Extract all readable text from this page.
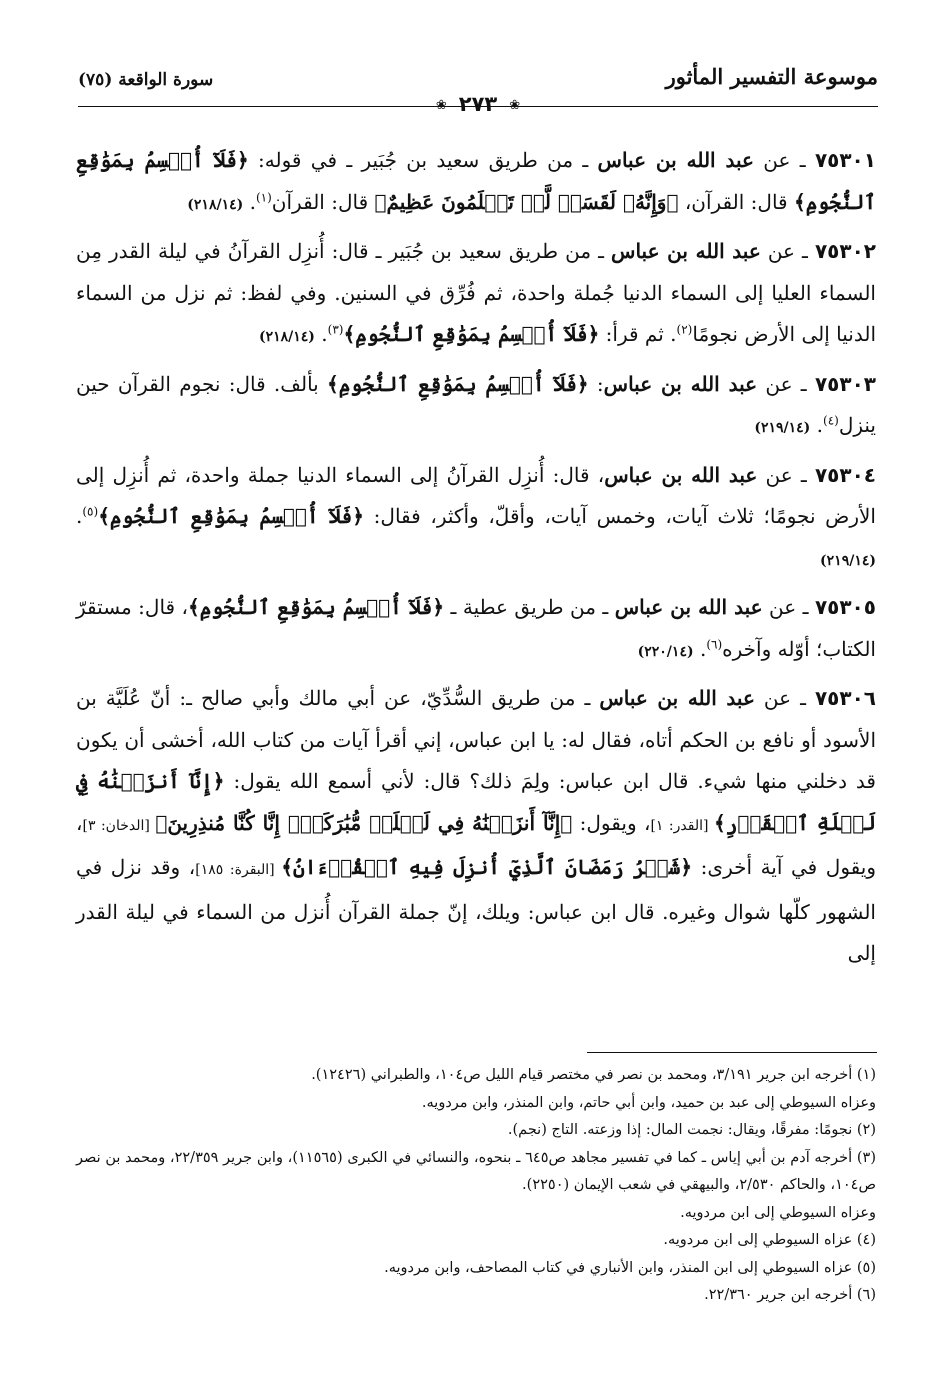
موسوعة التفسير المأثور
❀٢٧٣❀
سورة الواقعة (٧٥)

٧٥٣٠١ ـ عن عبد الله بن عباس ـ من طريق سعيد بن جُبَير ـ في قوله: ﴿فَلَآ أُقۡسِمُ بِمَوَٰقِعِ ٱلنُّجُومِ﴾ قال: القرآن، ﴿وَإِنَّهُۥ لَقَسَمٞ لَّوۡ تَعۡلَمُونَ عَظِيمٌ﴾ قال: القرآن$^{(١)}$. (٢١٨/١٤)

٧٥٣٠٢ ـ عن عبد الله بن عباس ـ من طريق سعيد بن جُبَير ـ قال: أُنزِل القرآنُ في ليلة القدر مِن السماء العليا إلى السماء الدنيا جُملة واحدة، ثم فُرِّق في السنين. وفي لفظ: ثم نزل من السماء الدنيا إلى الأرض نجومًا$^{(٢)}$. ثم قرأ: ﴿فَلَآ أُقۡسِمُ بِمَوَٰقِعِ ٱلنُّجُومِ﴾$^{(٣)}$. (٢١٨/١٤)

٧٥٣٠٣ ـ عن عبد الله بن عباس: ﴿فَلَآ أُقۡسِمُ بِمَوَٰقِعِ ٱلنُّجُومِ﴾ بألف. قال: نجوم القرآن حين ينزل$^{(٤)}$. (٢١٩/١٤)

٧٥٣٠٤ ـ عن عبد الله بن عباس، قال: أُنزِل القرآنُ إلى السماء الدنيا جملة واحدة، ثم أُنزِل إلى الأرض نجومًا؛ ثلاث آيات، وخمس آيات، وأقلّ، وأكثر، فقال: ﴿فَلَآ أُقۡسِمُ بِمَوَٰقِعِ ٱلنُّجُومِ﴾$^{(٥)}$. (٢١٩/١٤)

٧٥٣٠٥ ـ عن عبد الله بن عباس ـ من طريق عطية ـ ﴿فَلَآ أُقۡسِمُ بِمَوَٰقِعِ ٱلنُّجُومِ﴾، قال: مستقرّ الكتاب؛ أوّله وآخره$^{(٦)}$. (٢٢٠/١٤)

٧٥٣٠٦ ـ عن عبد الله بن عباس ـ من طريق السُّدِّيّ، عن أبي مالك وأبي صالح ـ: أنّ عُلَيَّة بن الأسود أو نافع بن الحكم أتاه، فقال له: يا ابن عباس، إني أقرأ آيات من كتاب الله، أخشى أن يكون قد دخلني منها شيء. قال ابن عباس: ولِمَ ذلك؟ قال: لأني أسمع الله يقول: ﴿إِنَّآ أَنزَلۡنَٰهُ فِي لَيۡلَةِ ٱلۡقَدۡرِ﴾ [القدر: ١]، ويقول: ﴿إِنَّآ أَنزَلۡنَٰهُ فِي لَيۡلَةٖ مُّبَٰرَكَةٍۚ إِنَّا كُنَّا مُنذِرِينَ﴾ [الدخان: ٣]، ويقول في آية أخرى: ﴿شَهۡرُ رَمَضَانَ ٱلَّذِيٓ أُنزِلَ فِيهِ ٱلۡقُرۡءَانُ﴾ [البقرة: ١٨٥]، وقد نزل في الشهور كلّها شوال وغيره. قال ابن عباس: ويلك، إنّ جملة القرآن أُنزل من السماء في ليلة القدر إلى

(١) أخرجه ابن جرير ٣/١٩١، ومحمد بن نصر في مختصر قيام الليل ص١٠٤، والطبراني (١٢٤٢٦).
وعزاه السيوطي إلى عبد بن حميد، وابن أبي حاتم، وابن المنذر، وابن مردويه.
(٢) نجومًا: مفرقًا، ويقال: نجمت المال: إذا وزعته. التاج (نجم).
(٣) أخرجه آدم بن أبي إياس ـ كما في تفسير مجاهد ص٦٤٥ ـ بنحوه، والنسائي في الكبرى (١١٥٦٥)، وابن جرير ٢٢/٣٥٩، ومحمد بن نصر ص١٠٤، والحاكم ٢/٥٣٠، والبيهقي في شعب الإيمان (٢٢٥٠).
وعزاه السيوطي إلى ابن مردويه.
(٤) عزاه السيوطي إلى ابن مردويه.
(٥) عزاه السيوطي إلى ابن المنذر، وابن الأنباري في كتاب المصاحف، وابن مردويه.
(٦) أخرجه ابن جرير ٢٢/٣٦٠.
